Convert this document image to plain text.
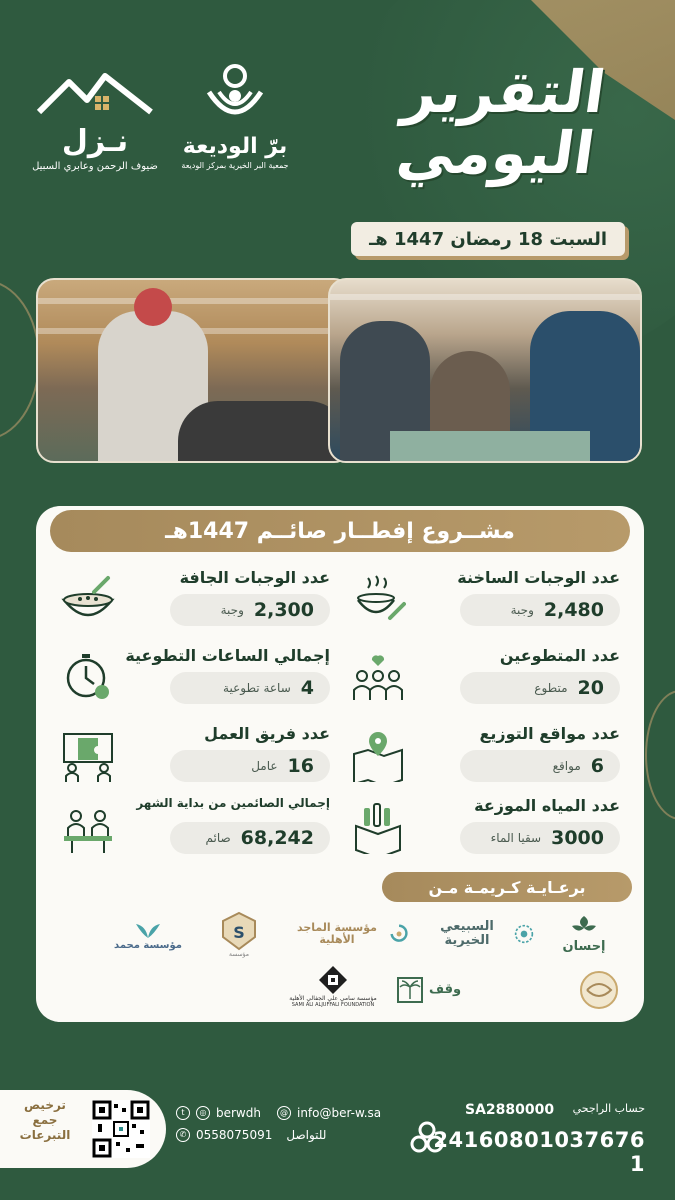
نـزل
ضيوف الرحمن وعابري السبيل
برّ الوديعة
جمعية البر الخيرية بمركز الوديعة
التقرير
اليومي
السبت 18 رمضان 1447 هـ
مشــروع إفطــار صائــم 1447هـ
عدد الوجبات الساخنة
2,480
وجبة
عدد الوجبات الجافة
2,300
وجبة
عدد المتطوعين
20
متطوع
إجمالي الساعات التطوعية
4
ساعة تطوعية
عدد مواقع التوزيع
6
مواقع
عدد فريق العمل
16
عامل
عدد المياه الموزعة
3000
سقيا الماء
إجمالي الصائمين من بداية الشهر
68,242
صائم
برعـايـة كـريمـة مـن
إحسان
السبيعي الخيرية
مؤسسة الماجد الأهلية
S
مؤسسة
مؤسسة محمد
وقف
مؤسسة سامي علي الجفالي الأهلية
SAMI ALI ALJUFFALI FOUNDATION
ترخيص جمع التبرعات
t	◎ berwdh	@ info@ber-w.sa
✆ 0558075091 للتواصل
حساب الراجحي
SA2880000
24160801037676​1
